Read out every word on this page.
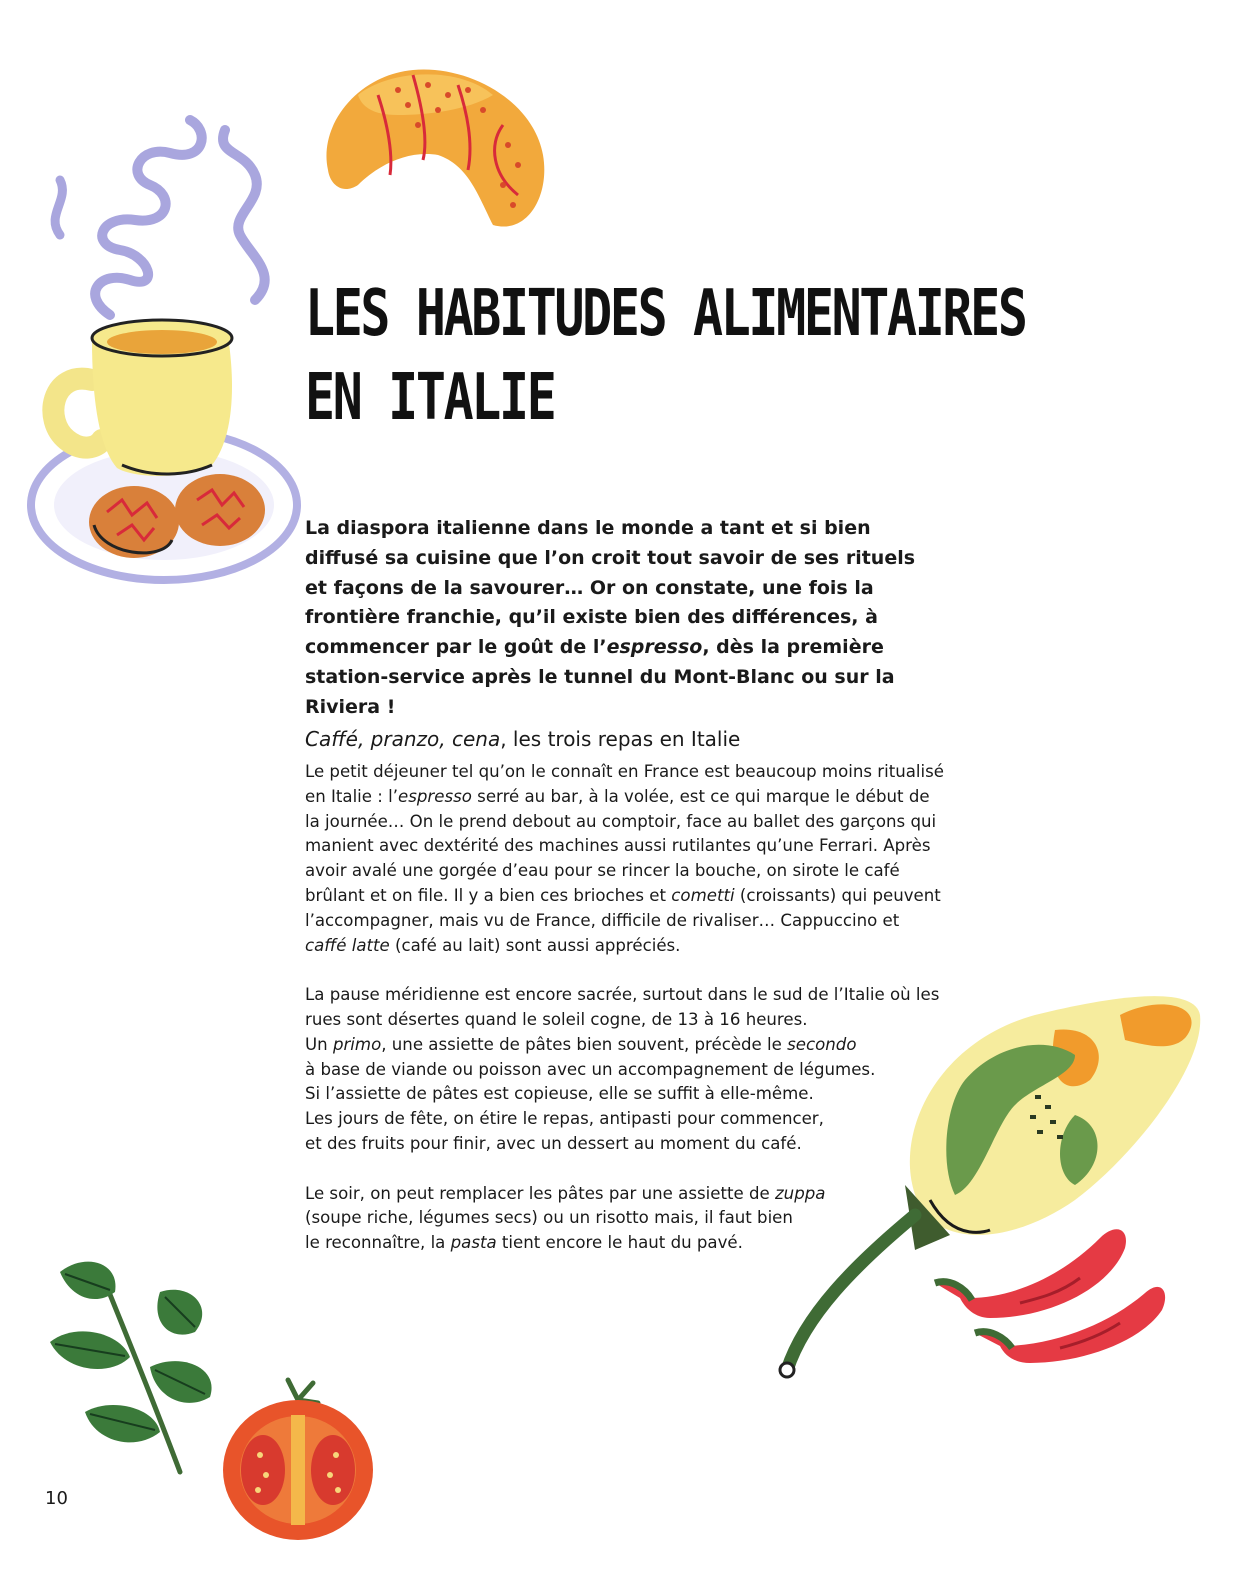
LES HABITUDES ALIMENTAIRES
EN ITALIE

La diaspora italienne dans le monde a tant et si bien diffusé sa cuisine que l’on croit tout savoir de ses rituels et façons de la savourer… Or on constate, une fois la frontière franchie, qu’il existe bien des différences, à commencer par le goût de l’espresso, dès la première station-service après le tunnel du Mont-Blanc ou sur la Riviera !

Caffé, pranzo, cena, les trois repas en Italie

Le petit déjeuner tel qu’on le connaît en France est beaucoup moins ritualisé en Italie : l’espresso serré au bar, à la volée, est ce qui marque le début de la journée… On le prend debout au comptoir, face au ballet des garçons qui manient avec dextérité des machines aussi rutilantes qu’une Ferrari. Après avoir avalé une gorgée d’eau pour se rincer la bouche, on sirote le café brûlant et on file. Il y a bien ces brioches et cometti (croissants) qui peuvent l’accompagner, mais vu de France, difficile de rivaliser… Cappuccino et caffé latte (café au lait) sont aussi appréciés.

La pause méridienne est encore sacrée, surtout dans le sud de l’Italie où les rues sont désertes quand le soleil cogne, de 13 à 16 heures.
Un primo, une assiette de pâtes bien souvent, précède le secondo
à base de viande ou poisson avec un accompagnement de légumes.
Si l’assiette de pâtes est copieuse, elle se suffit à elle-même.
Les jours de fête, on étire le repas, antipasti pour commencer,
et des fruits pour finir, avec un dessert au moment du café.

Le soir, on peut remplacer les pâtes par une assiette de zuppa
(soupe riche, légumes secs) ou un risotto mais, il faut bien
le reconnaître, la pasta tient encore le haut du pavé.

10
